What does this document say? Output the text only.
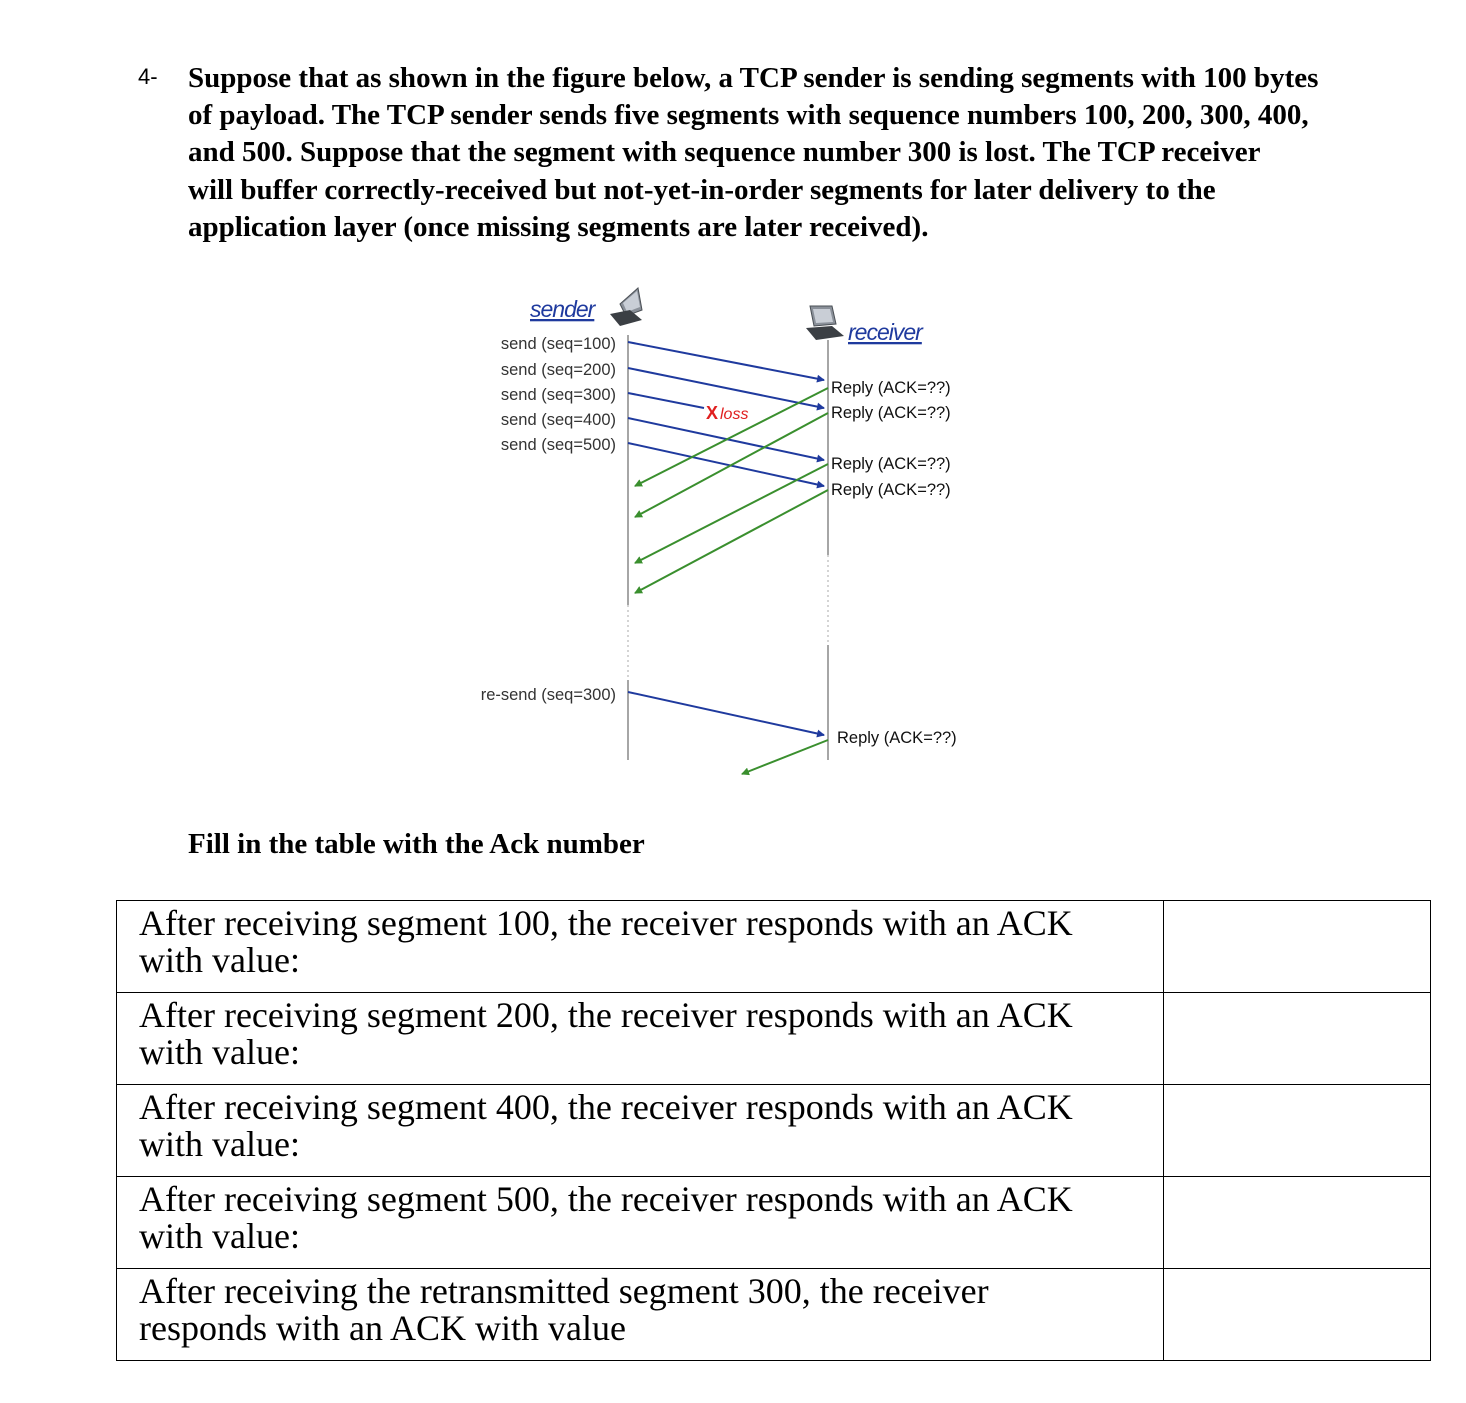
4- Suppose that as shown in the figure below, a TCP sender is sending segments with 100 bytes
of payload. The TCP sender sends five segments with sequence numbers 100, 200, 300, 400,
and 500. Suppose that the segment with sequence number 300 is lost. The TCP receiver
will buffer correctly-received but not-yet-in-order segments for later delivery to the
application layer (once missing segments are later received).

sender
receiver
send (seq=100)
send (seq=200)
send (seq=300)
send (seq=400)
send (seq=500)
re-send (seq=300)
X loss
Reply (ACK=??)
Reply (ACK=??)
Reply (ACK=??)
Reply (ACK=??)
Reply (ACK=??)

Fill in the table with the Ack number

After receiving segment 100, the receiver responds with an ACK
with value:	

After receiving segment 200, the receiver responds with an ACK
with value:	

After receiving segment 400, the receiver responds with an ACK
with value:	

After receiving segment 500, the receiver responds with an ACK
with value:	

After receiving the retransmitted segment 300, the receiver
responds with an ACK with value	
